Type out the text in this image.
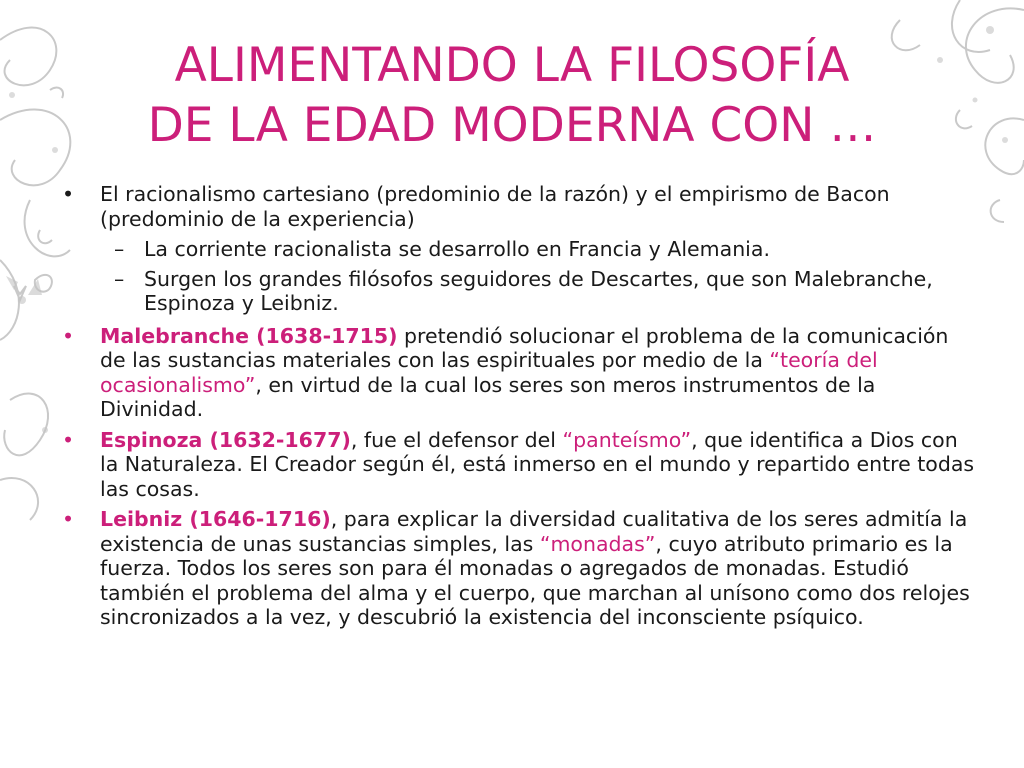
ALIMENTANDO LA FILOSOFÍA
DE LA EDAD MODERNA CON …
• El racionalismo cartesiano (predominio de la razón) y el empirismo de Bacon (predominio de la experiencia)
– La corriente racionalista se desarrollo en Francia y Alemania.
– Surgen los grandes filósofos seguidores de Descartes, que son Malebranche, Espinoza y Leibniz.
• Malebranche (1638-1715) pretendió solucionar el problema de la comunicación de las sustancias materiales con las espirituales por medio de la “teoría del ocasionalismo”, en virtud de la cual los seres son meros instrumentos de la Divinidad.
• Espinoza (1632-1677), fue el defensor del “panteísmo”, que identifica a Dios con la Naturaleza. El Creador según él, está inmerso en el mundo y repartido entre todas las cosas.
• Leibniz (1646-1716), para explicar la diversidad cualitativa de los seres admitía la existencia de unas sustancias simples, las “monadas”, cuyo atributo primario es la fuerza. Todos los seres son para él monadas o agregados de monadas. Estudió también el problema del alma y el cuerpo, que marchan al unísono como dos relojes sincronizados a la vez, y descubrió la existencia del inconsciente psíquico.
